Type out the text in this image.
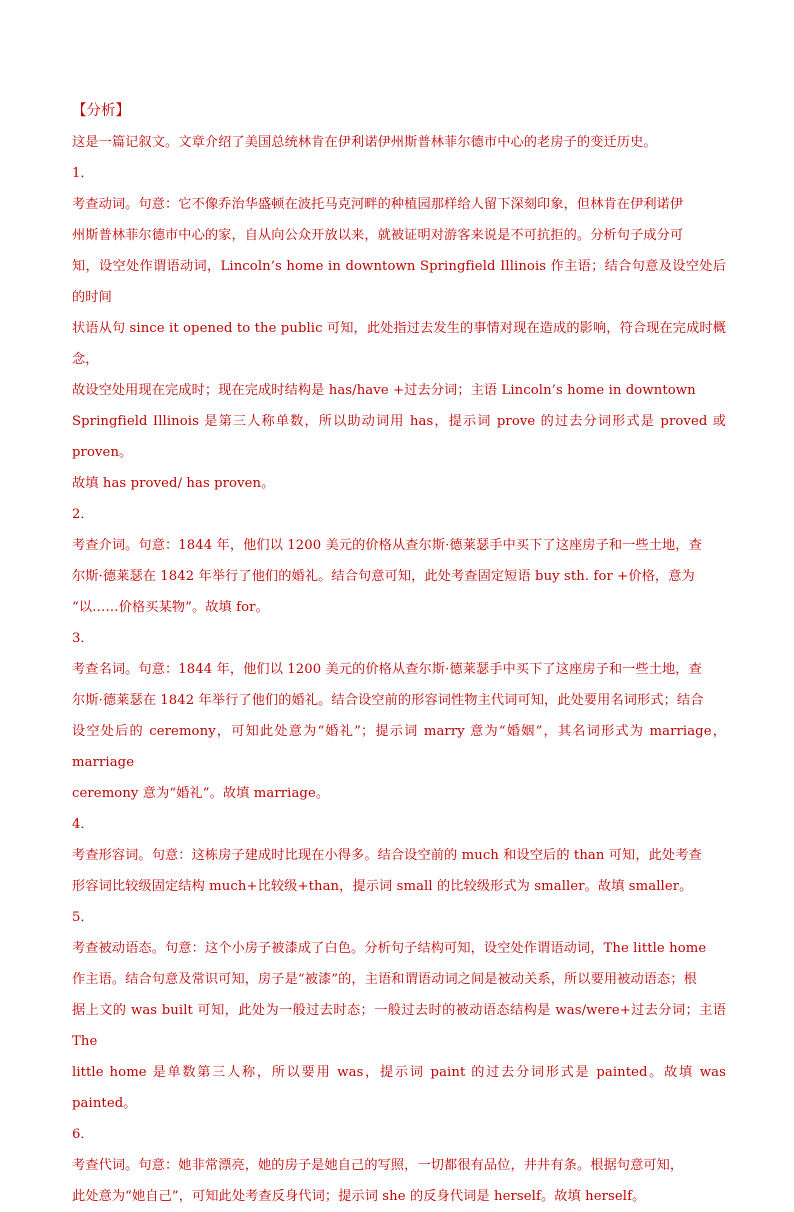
【分析】

这是一篇记叙文。文章介绍了美国总统林肯在伊利诺伊州斯普林菲尔德市中心的老房子的变迁历史。

1．

考查动词。句意：它不像乔治华盛顿在波托马克河畔的种植园那样给人留下深刻印象，但林肯在伊利诺伊

州斯普林菲尔德市中心的家，自从向公众开放以来，就被证明对游客来说是不可抗拒的。分析句子成分可

知，设空处作谓语动词，Lincoln’s home in downtown Springfield Illinois 作主语；结合句意及设空处后的时间

状语从句 since it opened to the public 可知，此处指过去发生的事情对现在造成的影响，符合现在完成时概念，

故设空处用现在完成时；现在完成时结构是 has/have +过去分词；主语 Lincoln’s home in downtown

Springfield Illinois 是第三人称单数，所以助动词用 has，提示词 prove 的过去分词形式是 proved 或 proven。

故填 has proved/ has proven。

2．

考查介词。句意：1844 年，他们以 1200 美元的价格从查尔斯·德莱瑟手中买下了这座房子和一些土地，查

尔斯·德莱瑟在 1842 年举行了他们的婚礼。结合句意可知，此处考查固定短语 buy sth. for +价格，意为

“以……价格买某物”。故填 for。

3．

考查名词。句意：1844 年，他们以 1200 美元的价格从查尔斯·德莱瑟手中买下了这座房子和一些土地，查

尔斯·德莱瑟在 1842 年举行了他们的婚礼。结合设空前的形容词性物主代词可知，此处要用名词形式；结合

设空处后的 ceremony，可知此处意为“婚礼”；提示词 marry 意为“婚姻”，其名词形式为 marriage，marriage

ceremony 意为“婚礼”。故填 marriage。

4．

考查形容词。句意：这栋房子建成时比现在小得多。结合设空前的 much 和设空后的 than 可知，此处考查

形容词比较级固定结构 much+比较级+than，提示词 small 的比较级形式为 smaller。故填 smaller。

5．

考查被动语态。句意：这个小房子被漆成了白色。分析句子结构可知，设空处作谓语动词，The little home

作主语。结合句意及常识可知，房子是“被漆”的，主语和谓语动词之间是被动关系，所以要用被动语态；根

据上文的 was built 可知，此处为一般过去时态；一般过去时的被动语态结构是 was/were+过去分词；主语 The

little home 是单数第三人称，所以要用 was，提示词 paint 的过去分词形式是 painted。故填 was painted。

6．

考查代词。句意：她非常漂亮，她的房子是她自己的写照，一切都很有品位，井井有条。根据句意可知，

此处意为“她自己”，可知此处考查反身代词；提示词 she 的反身代词是 herself。故填 herself。
